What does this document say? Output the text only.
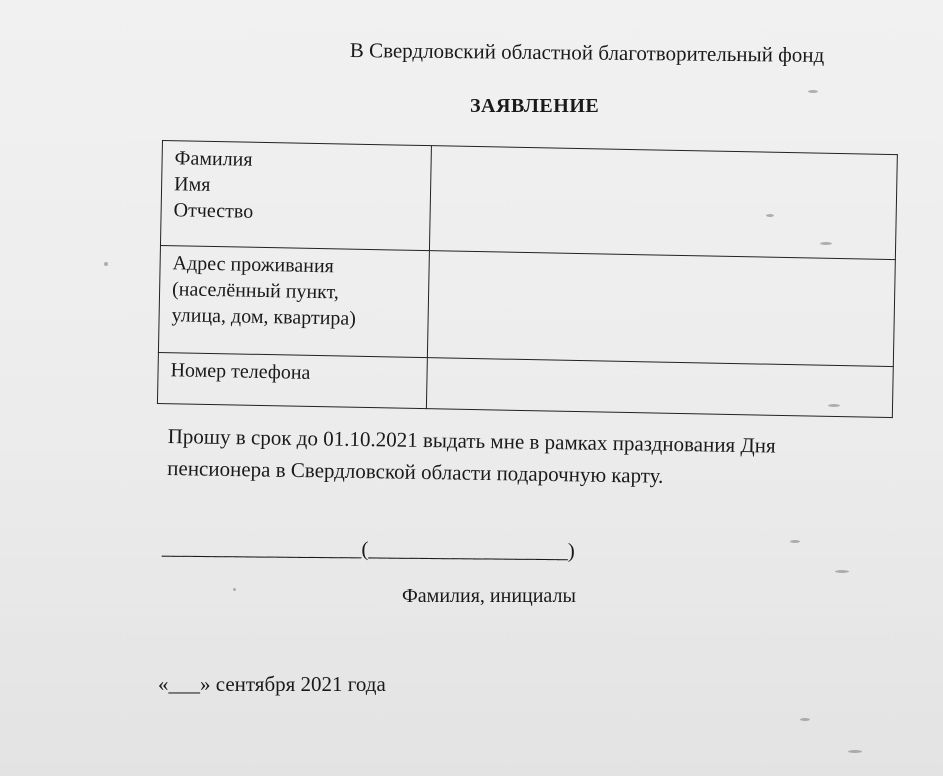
В Свердловский областной благотворительный фонд
ЗАЯВЛЕНИЕ
Фамилия
Имя
Отчество	

Адрес проживания
(населённый пункт,
улица, дом, квартира)	

Номер телефона	

Прошу в срок до 01.10.2021 выдать мне в рамках празднования Дня
пенсионера в Свердловской области подарочную карту.
___________________(___________________)
Фамилия, инициалы
«___» сентября 2021 года
